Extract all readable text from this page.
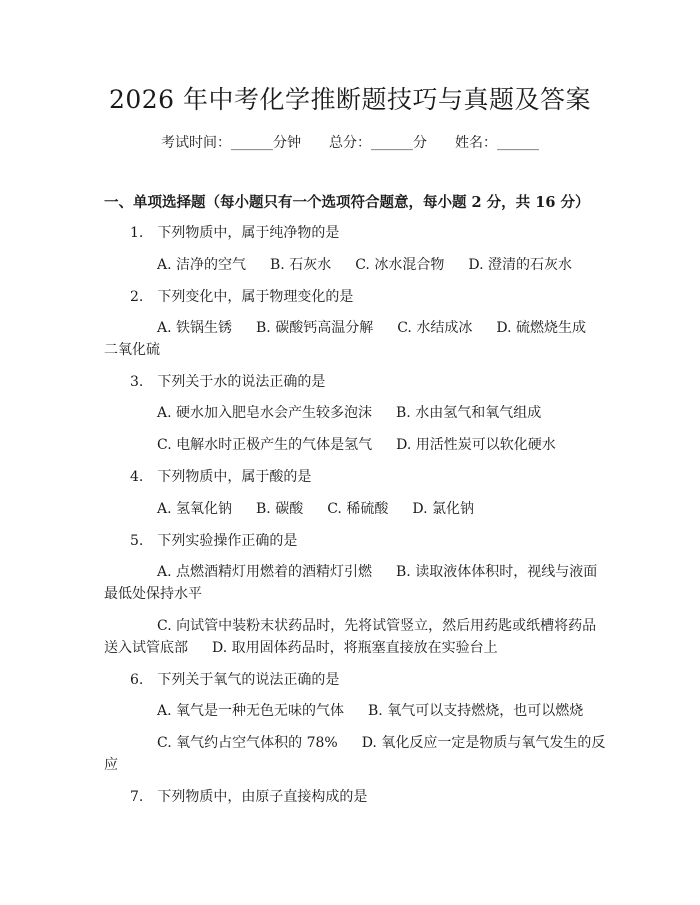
2026 年中考化学推断题技巧与真题及答案
考试时间：______分钟 总分：______分 姓名：______
一、单项选择题（每小题只有一个选项符合题意，每小题 2 分，共 16 分）
1.　下列物质中，属于纯净物的是
A. 洁净的空气 B. 石灰水 C. 冰水混合物 D. 澄清的石灰水
2.　下列变化中，属于物理变化的是
A. 铁锅生锈 B. 碳酸钙高温分解 C. 水结成冰 D. 硫燃烧生成
二氧化硫
3.　下列关于水的说法正确的是
A. 硬水加入肥皂水会产生较多泡沫 B. 水由氢气和氧气组成
C. 电解水时正极产生的气体是氢气 D. 用活性炭可以软化硬水
4.　下列物质中，属于酸的是
A. 氢氧化钠 B. 碳酸 C. 稀硫酸 D. 氯化钠
5.　下列实验操作正确的是
A. 点燃酒精灯用燃着的酒精灯引燃 B. 读取液体体积时，视线与液面
最低处保持水平
C. 向试管中装粉末状药品时，先将试管竖立，然后用药匙或纸槽将药品
送入试管底部 D. 取用固体药品时，将瓶塞直接放在实验台上
6.　下列关于氧气的说法正确的是
A. 氧气是一种无色无味的气体 B. 氧气可以支持燃烧，也可以燃烧
C. 氧气约占空气体积的 78% D. 氧化反应一定是物质与氧气发生的反
应
7.　下列物质中，由原子直接构成的是
